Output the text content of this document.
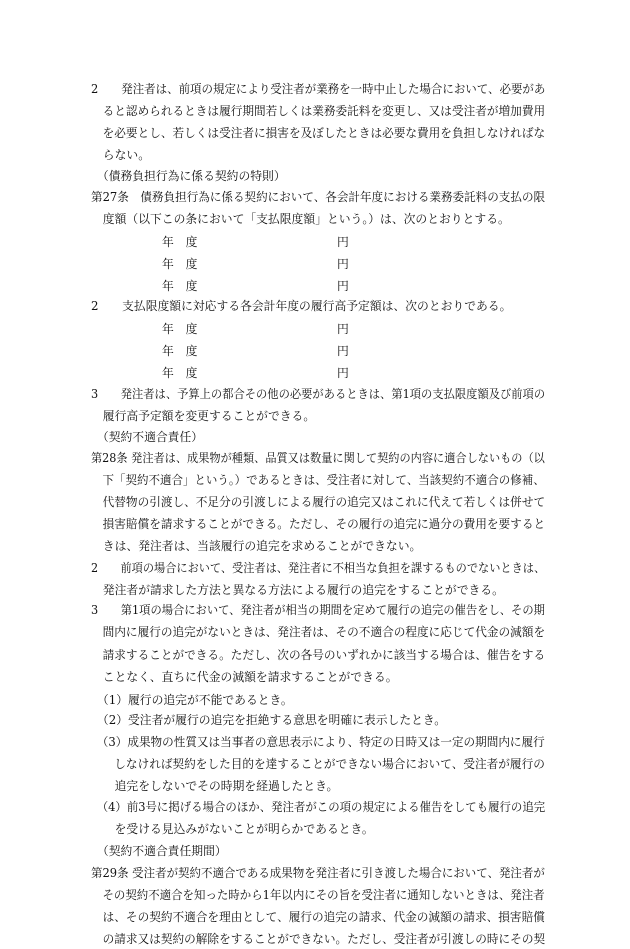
2　　発注者は、前項の規定により受注者が業務を一時中止した場合において、必要があ
　ると認められるときは履行期間若しくは業務委託料を変更し、又は受注者が増加費用
　を必要とし、若しくは受注者に損害を及ぼしたときは必要な費用を負担しなければな
　らない。
　（債務負担行為に係る契約の特則）
第27条　債務負担行為に係る契約において、各会計年度における業務委託料の支払の限
　度額（以下この条において「支払限度額」という。）は、次のとおりとする。
年　度	円
年　度	円
年　度	円
2　　支払限度額に対応する各会計年度の履行高予定額は、次のとおりである。
年　度	円
年　度	円
年　度	円
3　　発注者は、予算上の都合その他の必要があるときは、第1項の支払限度額及び前項の
　履行高予定額を変更することができる。
　（契約不適合責任）
第28条 発注者は、成果物が種類、品質又は数量に関して契約の内容に適合しないもの（以
　下「契約不適合」という。）であるときは、受注者に対して、当該契約不適合の修補、
　代替物の引渡し、不足分の引渡しによる履行の追完又はこれに代えて若しくは併せて
　損害賠償を請求することができる。ただし、その履行の追完に過分の費用を要すると
　きは、発注者は、当該履行の追完を求めることができない。
2　　前項の場合において、受注者は、発注者に不相当な負担を課するものでないときは、
　発注者が請求した方法と異なる方法による履行の追完をすることができる。
3　　第1項の場合において、発注者が相当の期間を定めて履行の追完の催告をし、その期
　間内に履行の追完がないときは、発注者は、その不適合の程度に応じて代金の減額を
　請求することができる。ただし、次の各号のいずれかに該当する場合は、催告をする
　ことなく、直ちに代金の減額を請求することができる。
　（1）履行の追完が不能であるとき。
　（2）受注者が履行の追完を拒絶する意思を明確に表示したとき。
　（3）成果物の性質又は当事者の意思表示により、特定の日時又は一定の期間内に履行
　　しなければ契約をした目的を達することができない場合において、受注者が履行の
　　追完をしないでその時期を経過したとき。
　（4）前3号に掲げる場合のほか、発注者がこの項の規定による催告をしても履行の追完
　　を受ける見込みがないことが明らかであるとき。
　（契約不適合責任期間）
第29条 受注者が契約不適合である成果物を発注者に引き渡した場合において、発注者が
　その契約不適合を知った時から1年以内にその旨を受注者に通知しないときは、発注者
　は、その契約不適合を理由として、履行の追完の請求、代金の減額の請求、損害賠償
　の請求又は契約の解除をすることができない。ただし、受注者が引渡しの時にその契
